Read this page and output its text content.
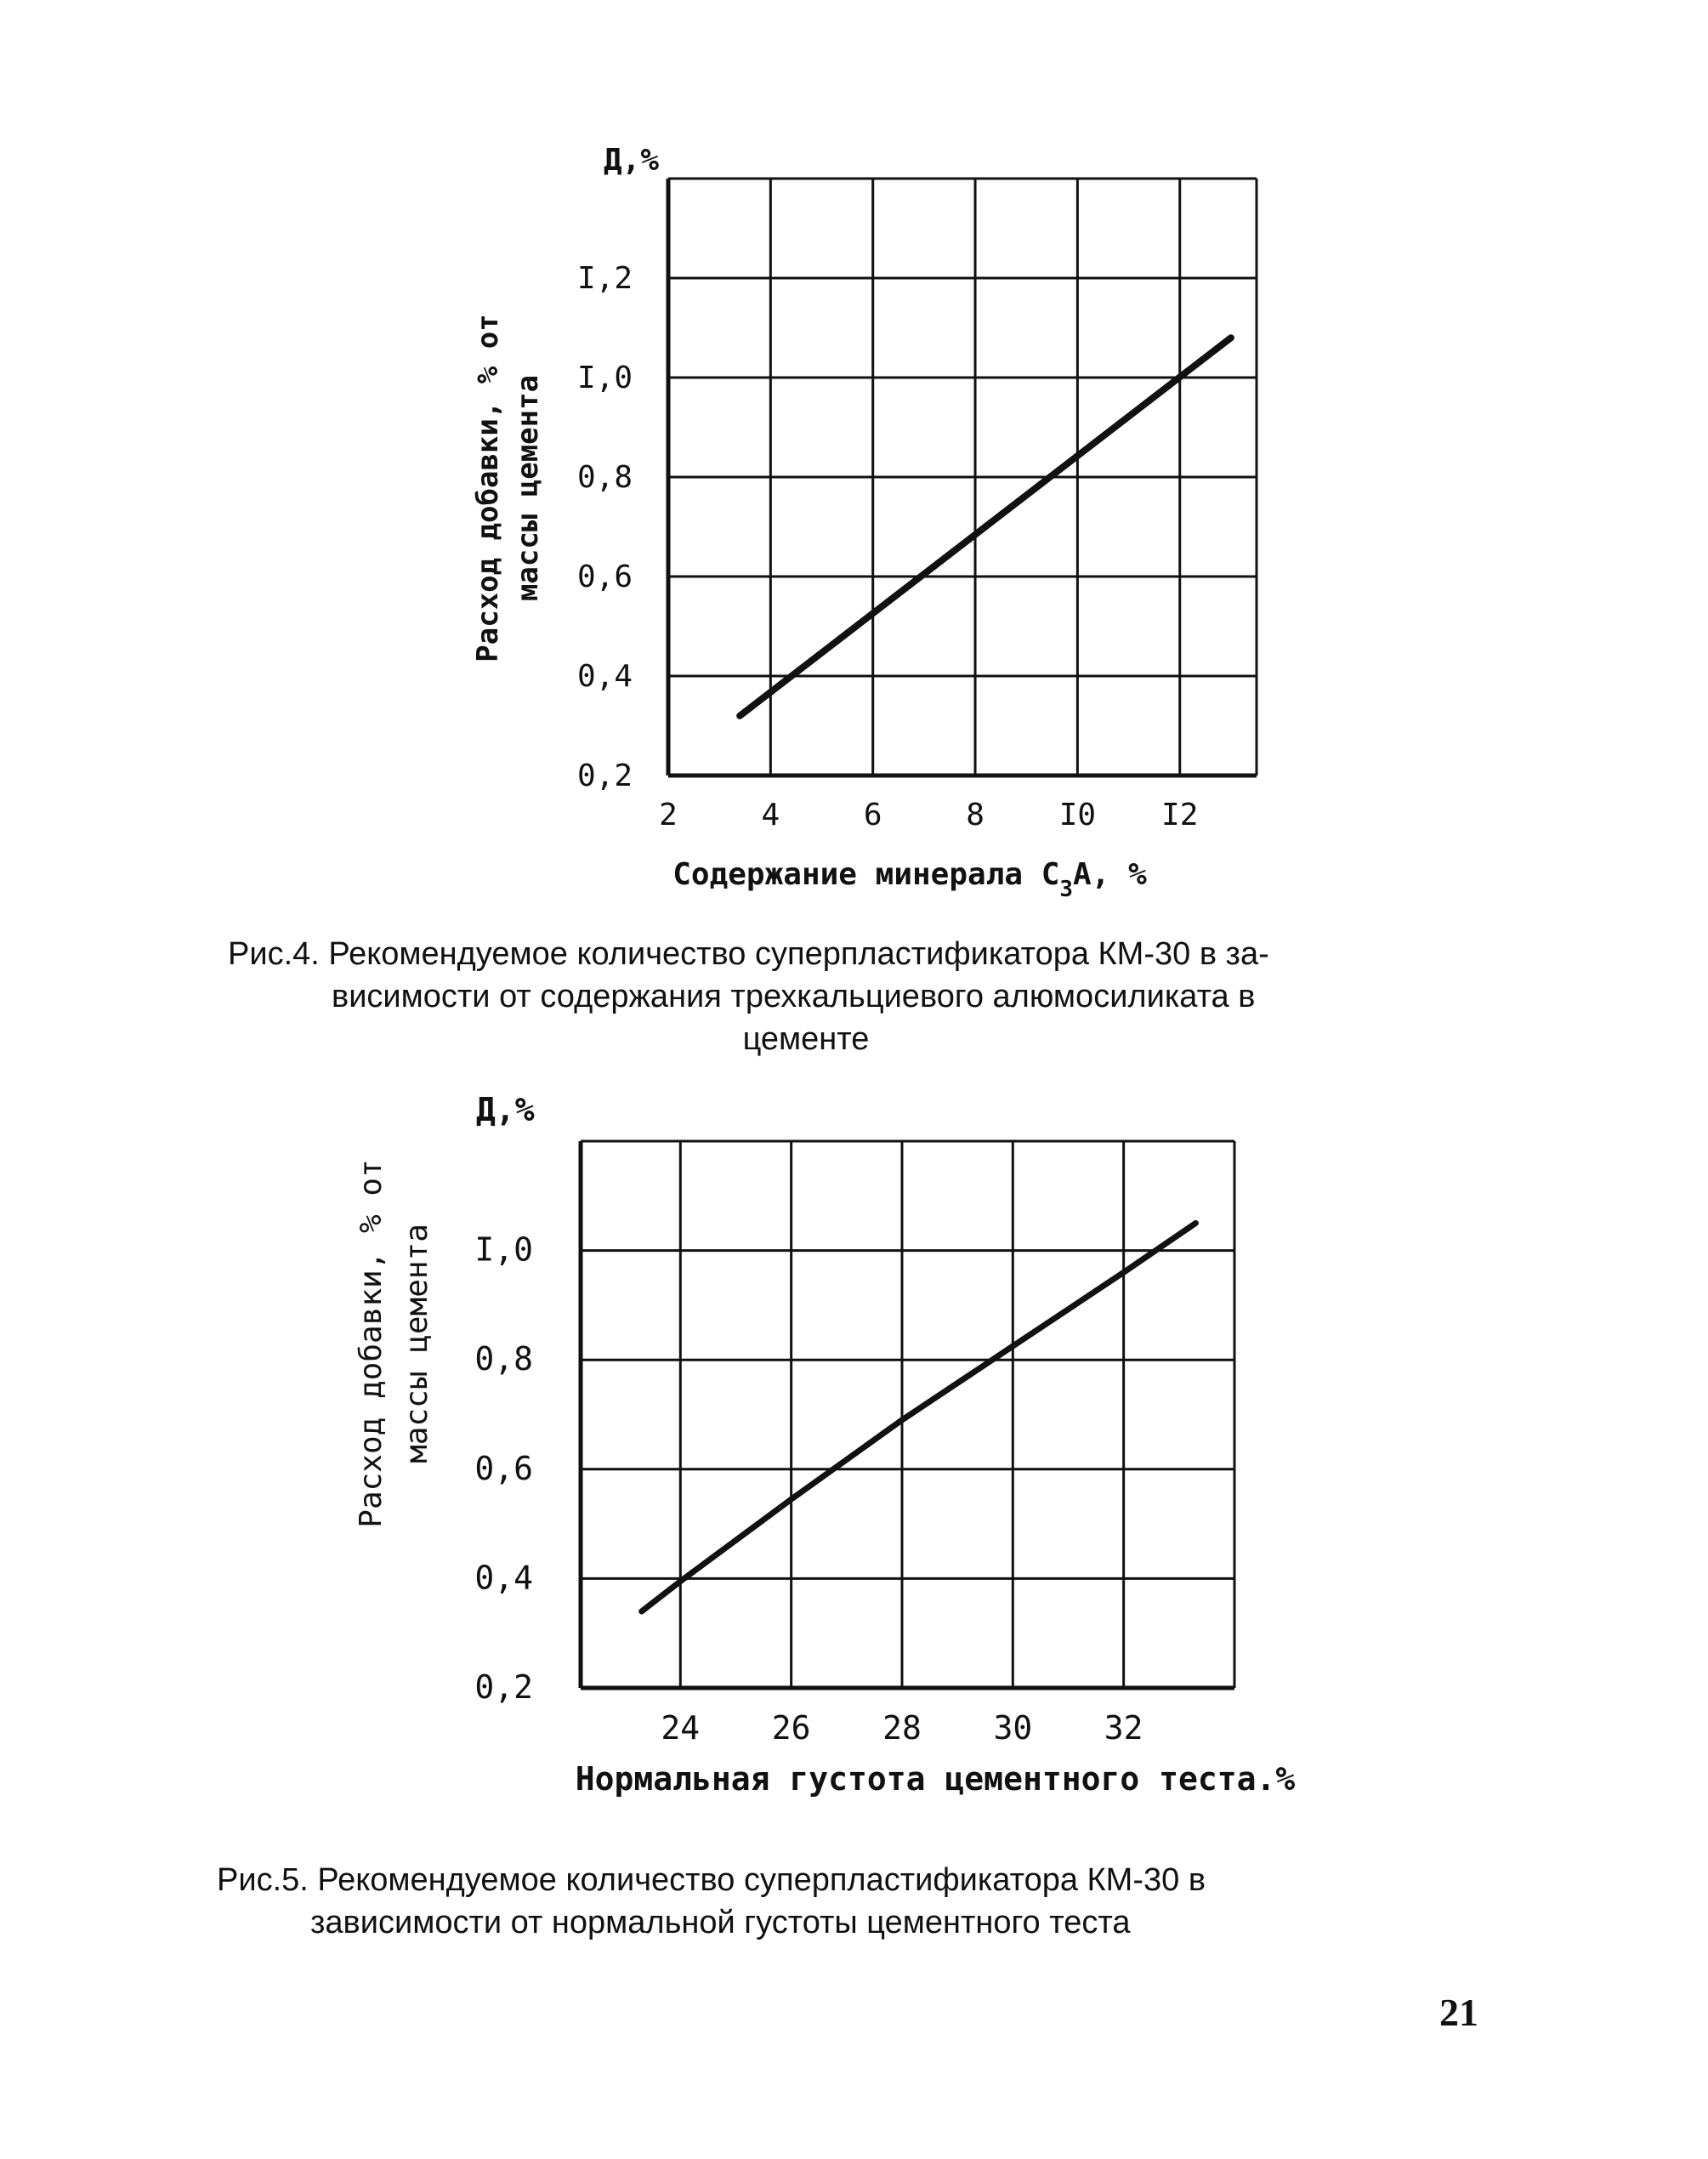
2	4	6	8 I0 I2
0,2
0,4
0,6
0,8
I,0
I,2
Д,%
Расход добавки, % от массы цемента
Содержание минерала $С_3А$, %
24 26 28 30 32
0,2
0,4
0,6
0,8
I,0
Д,%
Расход добавки, % от массы цемента
Нормальная густота цементного теста.%
Рис.4. Рекомендуемое количество суперпластификатора КМ-30 в за-
висимости от содержания трехкальциевого алюмосиликата в
цементе
Рис.5. Рекомендуемое количество суперпластификатора КМ-30 в
зависимости от нормальной густоты цементного теста
21
